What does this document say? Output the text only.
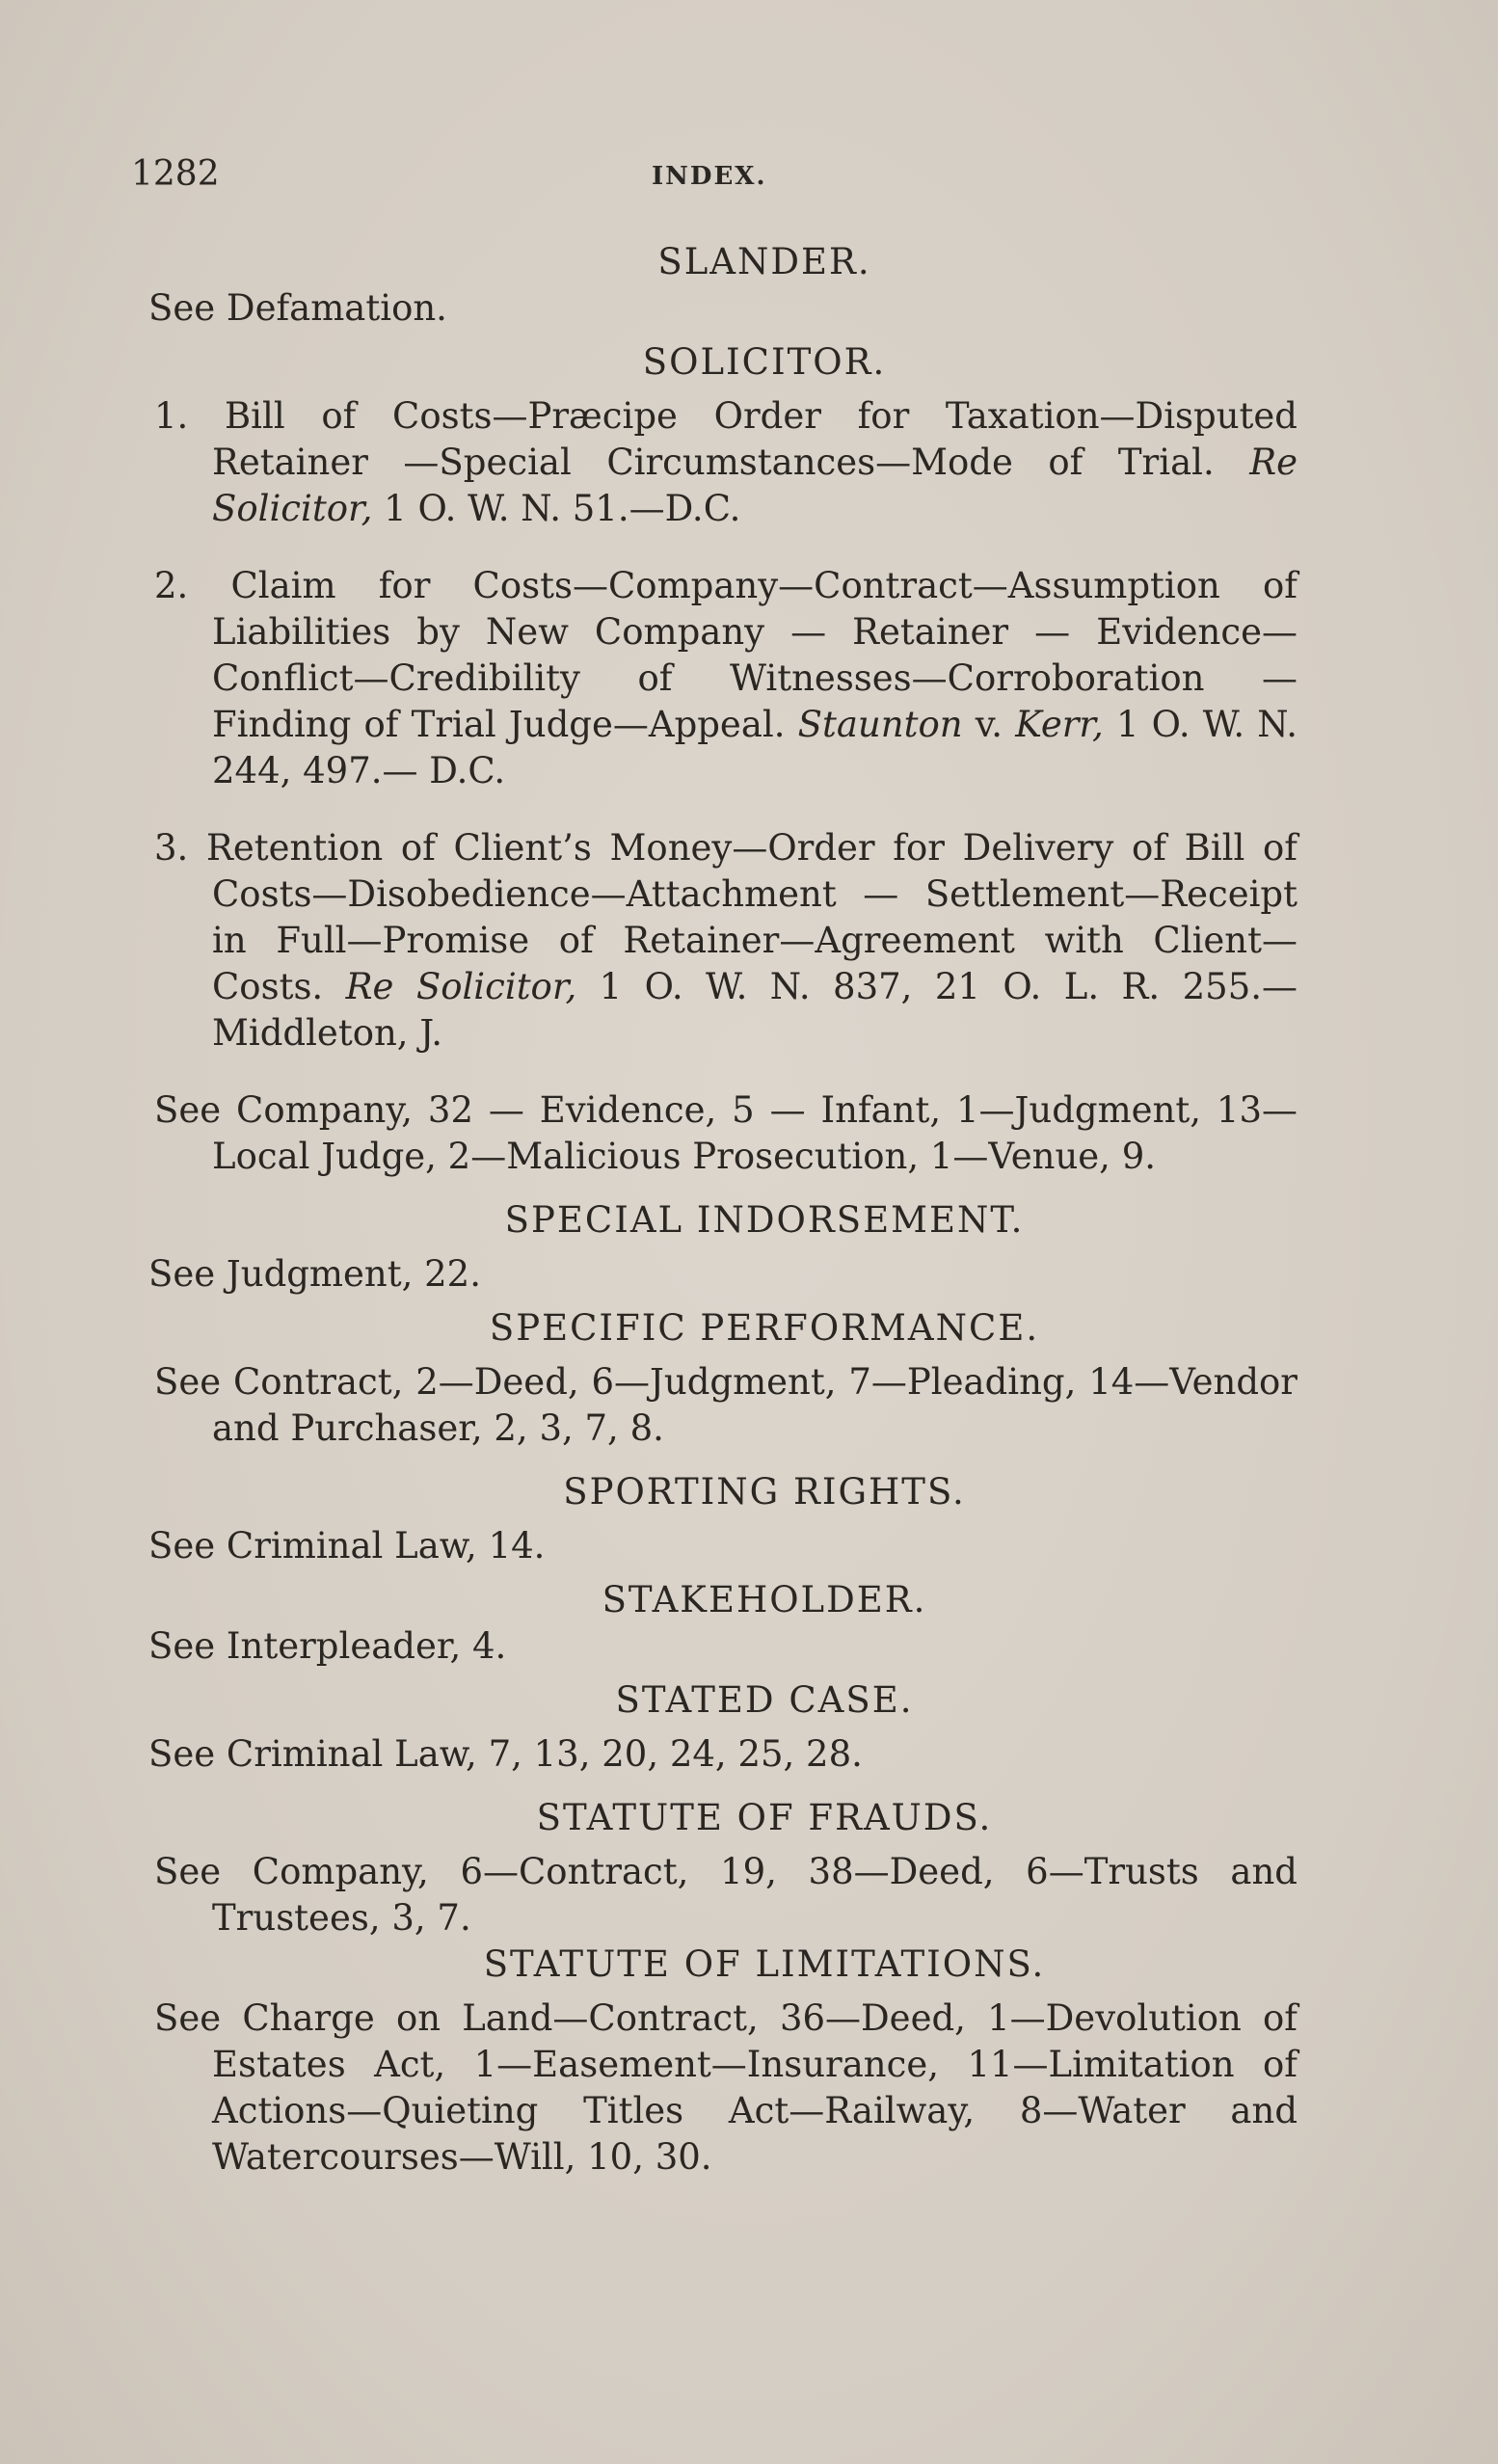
1282	INDEX.

SLANDER.

See Defamation.

SOLICITOR.

1. Bill of Costs—Præcipe Order for Taxation—Disputed Retainer —Special Circumstances—Mode of Trial. Re Solicitor, 1 O. W. N. 51.—D.C.

2. Claim for Costs—Company—Contract—Assumption of Liabilities by New Company — Retainer — Evidence—Conflict—Credibility of Witnesses—Corroboration — Finding of Trial Judge—Appeal. Staunton v. Kerr, 1 O. W. N. 244, 497.— D.C.

3. Retention of Client’s Money—Order for Delivery of Bill of Costs—Disobedience—Attachment — Settlement—Receipt in Full—Promise of Retainer—Agreement with Client—Costs. Re Solicitor, 1 O. W. N. 837, 21 O. L. R. 255.—Middleton, J.

See Company, 32 — Evidence, 5 — Infant, 1—Judgment, 13—Local Judge, 2—Malicious Prosecution, 1—Venue, 9.

SPECIAL INDORSEMENT.

See Judgment, 22.

SPECIFIC PERFORMANCE.

See Contract, 2—Deed, 6—Judgment, 7—Pleading, 14—Vendor and Purchaser, 2, 3, 7, 8.

SPORTING RIGHTS.

See Criminal Law, 14.

STAKEHOLDER.

See Interpleader, 4.

STATED CASE.

See Criminal Law, 7, 13, 20, 24, 25, 28.

STATUTE OF FRAUDS.

See Company, 6—Contract, 19, 38—Deed, 6—Trusts and Trustees, 3, 7.

STATUTE OF LIMITATIONS.

See Charge on Land—Contract, 36—Deed, 1—Devolution of Estates Act, 1—Easement—Insurance, 11—Limitation of Actions—Quieting Titles Act—Railway, 8—Water and Watercourses—Will, 10, 30.
